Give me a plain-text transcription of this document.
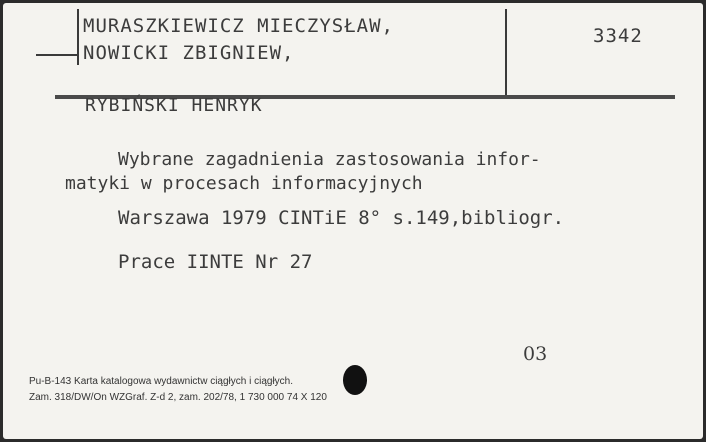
MURASZKIEWICZ MIECZYSŁAW,
NOWICKI ZBIGNIEW,
3342
RYBIŃSKI HENRYK
Wybrane zagadnienia zastosowania infor-
matyki w procesach informacyjnych
Warszawa 1979 CINTiE 8° s.149,bibliogr.
Prace IINTE Nr 27
03
Pu-B-143 Karta katalogowa wydawnictw ciągłych i ciągłych.
Zam. 318/DW/On WZGraf. Z-d 2, zam. 202/78, 1 730 000 74 X 120
